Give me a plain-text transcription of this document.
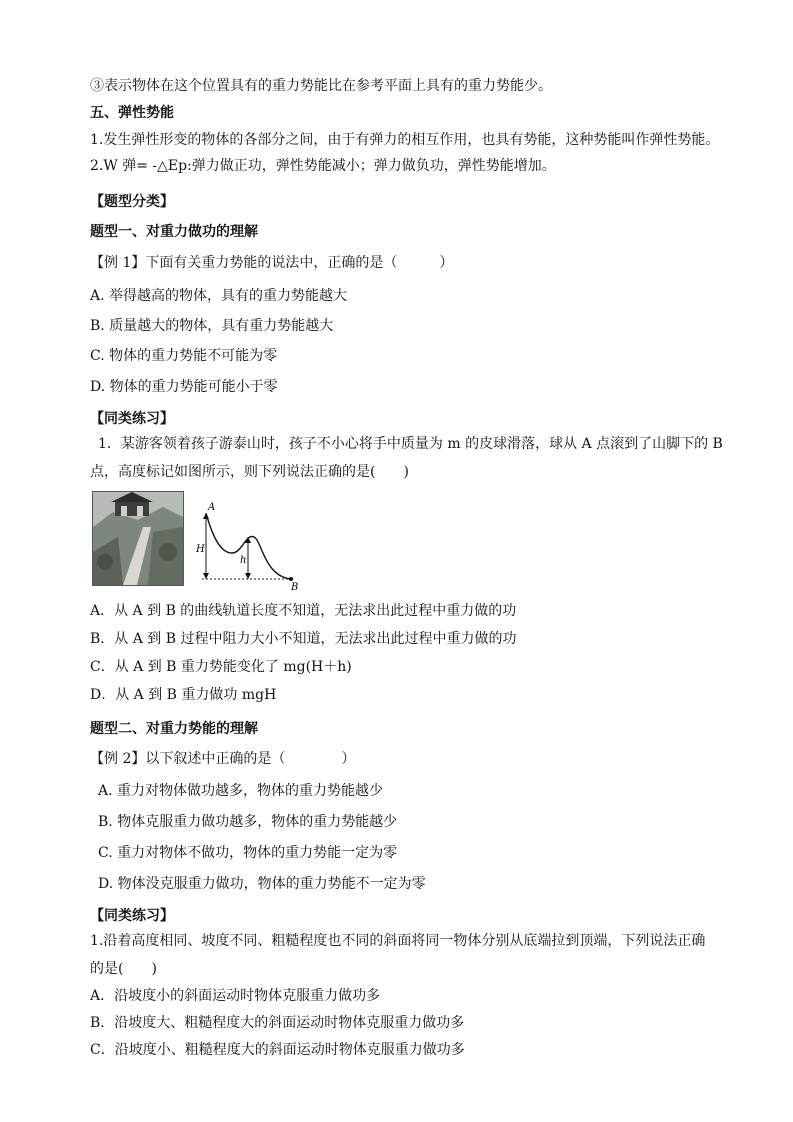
③表示物体在这个位置具有的重力势能比在参考平面上具有的重力势能少。
五、弹性势能
1.发生弹性形变的物体的各部分之间，由于有弹力的相互作用，也具有势能，这种势能叫作弹性势能。
2.W 弹= -△Ep:弹力做正功，弹性势能减小；弹力做负功，弹性势能增加。
【题型分类】
题型一、对重力做功的理解
【例 1】下面有关重力势能的说法中，正确的是（　　　）
A. 举得越高的物体，具有的重力势能越大
B. 质量越大的物体，具有重力势能越大
C. 物体的重力势能不可能为零
D. 物体的重力势能可能小于零
【同类练习】
1．某游客领着孩子游泰山时，孩子不小心将手中质量为 m 的皮球滑落，球从 A 点滚到了山脚下的 B
点，高度标记如图所示，则下列说法正确的是(　　)
A
H
h
B
A．从 A 到 B 的曲线轨道长度不知道，无法求出此过程中重力做的功
B．从 A 到 B 过程中阻力大小不知道，无法求出此过程中重力做的功
C．从 A 到 B 重力势能变化了 mg(H＋h)
D．从 A 到 B 重力做功 mgH
题型二、对重力势能的理解
【例 2】以下叙述中正确的是（　　　　）
A. 重力对物体做功越多，物体的重力势能越少
B. 物体克服重力做功越多，物体的重力势能越少
C. 重力对物体不做功，物体的重力势能一定为零
D. 物体没克服重力做功，物体的重力势能不一定为零
【同类练习】
1.沿着高度相同、坡度不同、粗糙程度也不同的斜面将同一物体分别从底端拉到顶端，下列说法正确
的是(　　)
A．沿坡度小的斜面运动时物体克服重力做功多
B．沿坡度大、粗糙程度大的斜面运动时物体克服重力做功多
C．沿坡度小、粗糙程度大的斜面运动时物体克服重力做功多
